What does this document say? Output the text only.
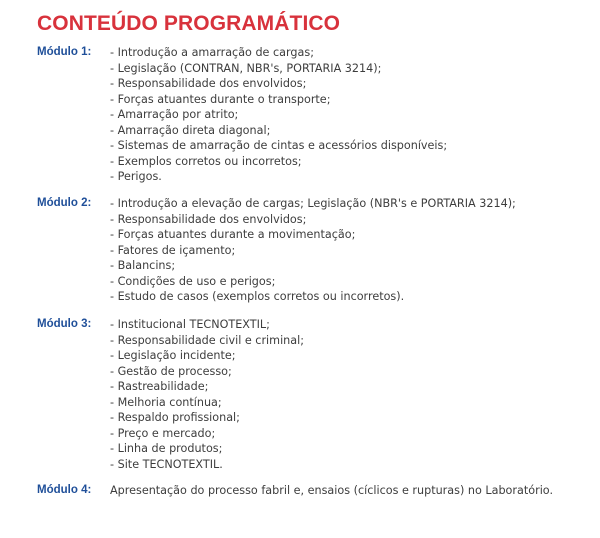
CONTEÚDO PROGRAMÁTICO
Módulo 1: - Introdução a amarração de cargas;
- Legislação (CONTRAN, NBR's, PORTARIA 3214);
- Responsabilidade dos envolvidos;
- Forças atuantes durante o transporte;
- Amarração por atrito;
- Amarração direta diagonal;
- Sistemas de amarração de cintas e acessórios disponíveis;
- Exemplos corretos ou incorretos;
- Perigos.
Módulo 2: - Introdução a elevação de cargas; Legislação (NBR's e PORTARIA 3214);
- Responsabilidade dos envolvidos;
- Forças atuantes durante a movimentação;
- Fatores de içamento;
- Balancins;
- Condições de uso e perigos;
- Estudo de casos (exemplos corretos ou incorretos).
Módulo 3: - Institucional TECNOTEXTIL;
- Responsabilidade civil e criminal;
- Legislação incidente;
- Gestão de processo;
- Rastreabilidade;
- Melhoria contínua;
- Respaldo profissional;
- Preço e mercado;
- Linha de produtos;
- Site TECNOTEXTIL.
Módulo 4: Apresentação do processo fabril e, ensaios (cíclicos e rupturas) no Laboratório.
